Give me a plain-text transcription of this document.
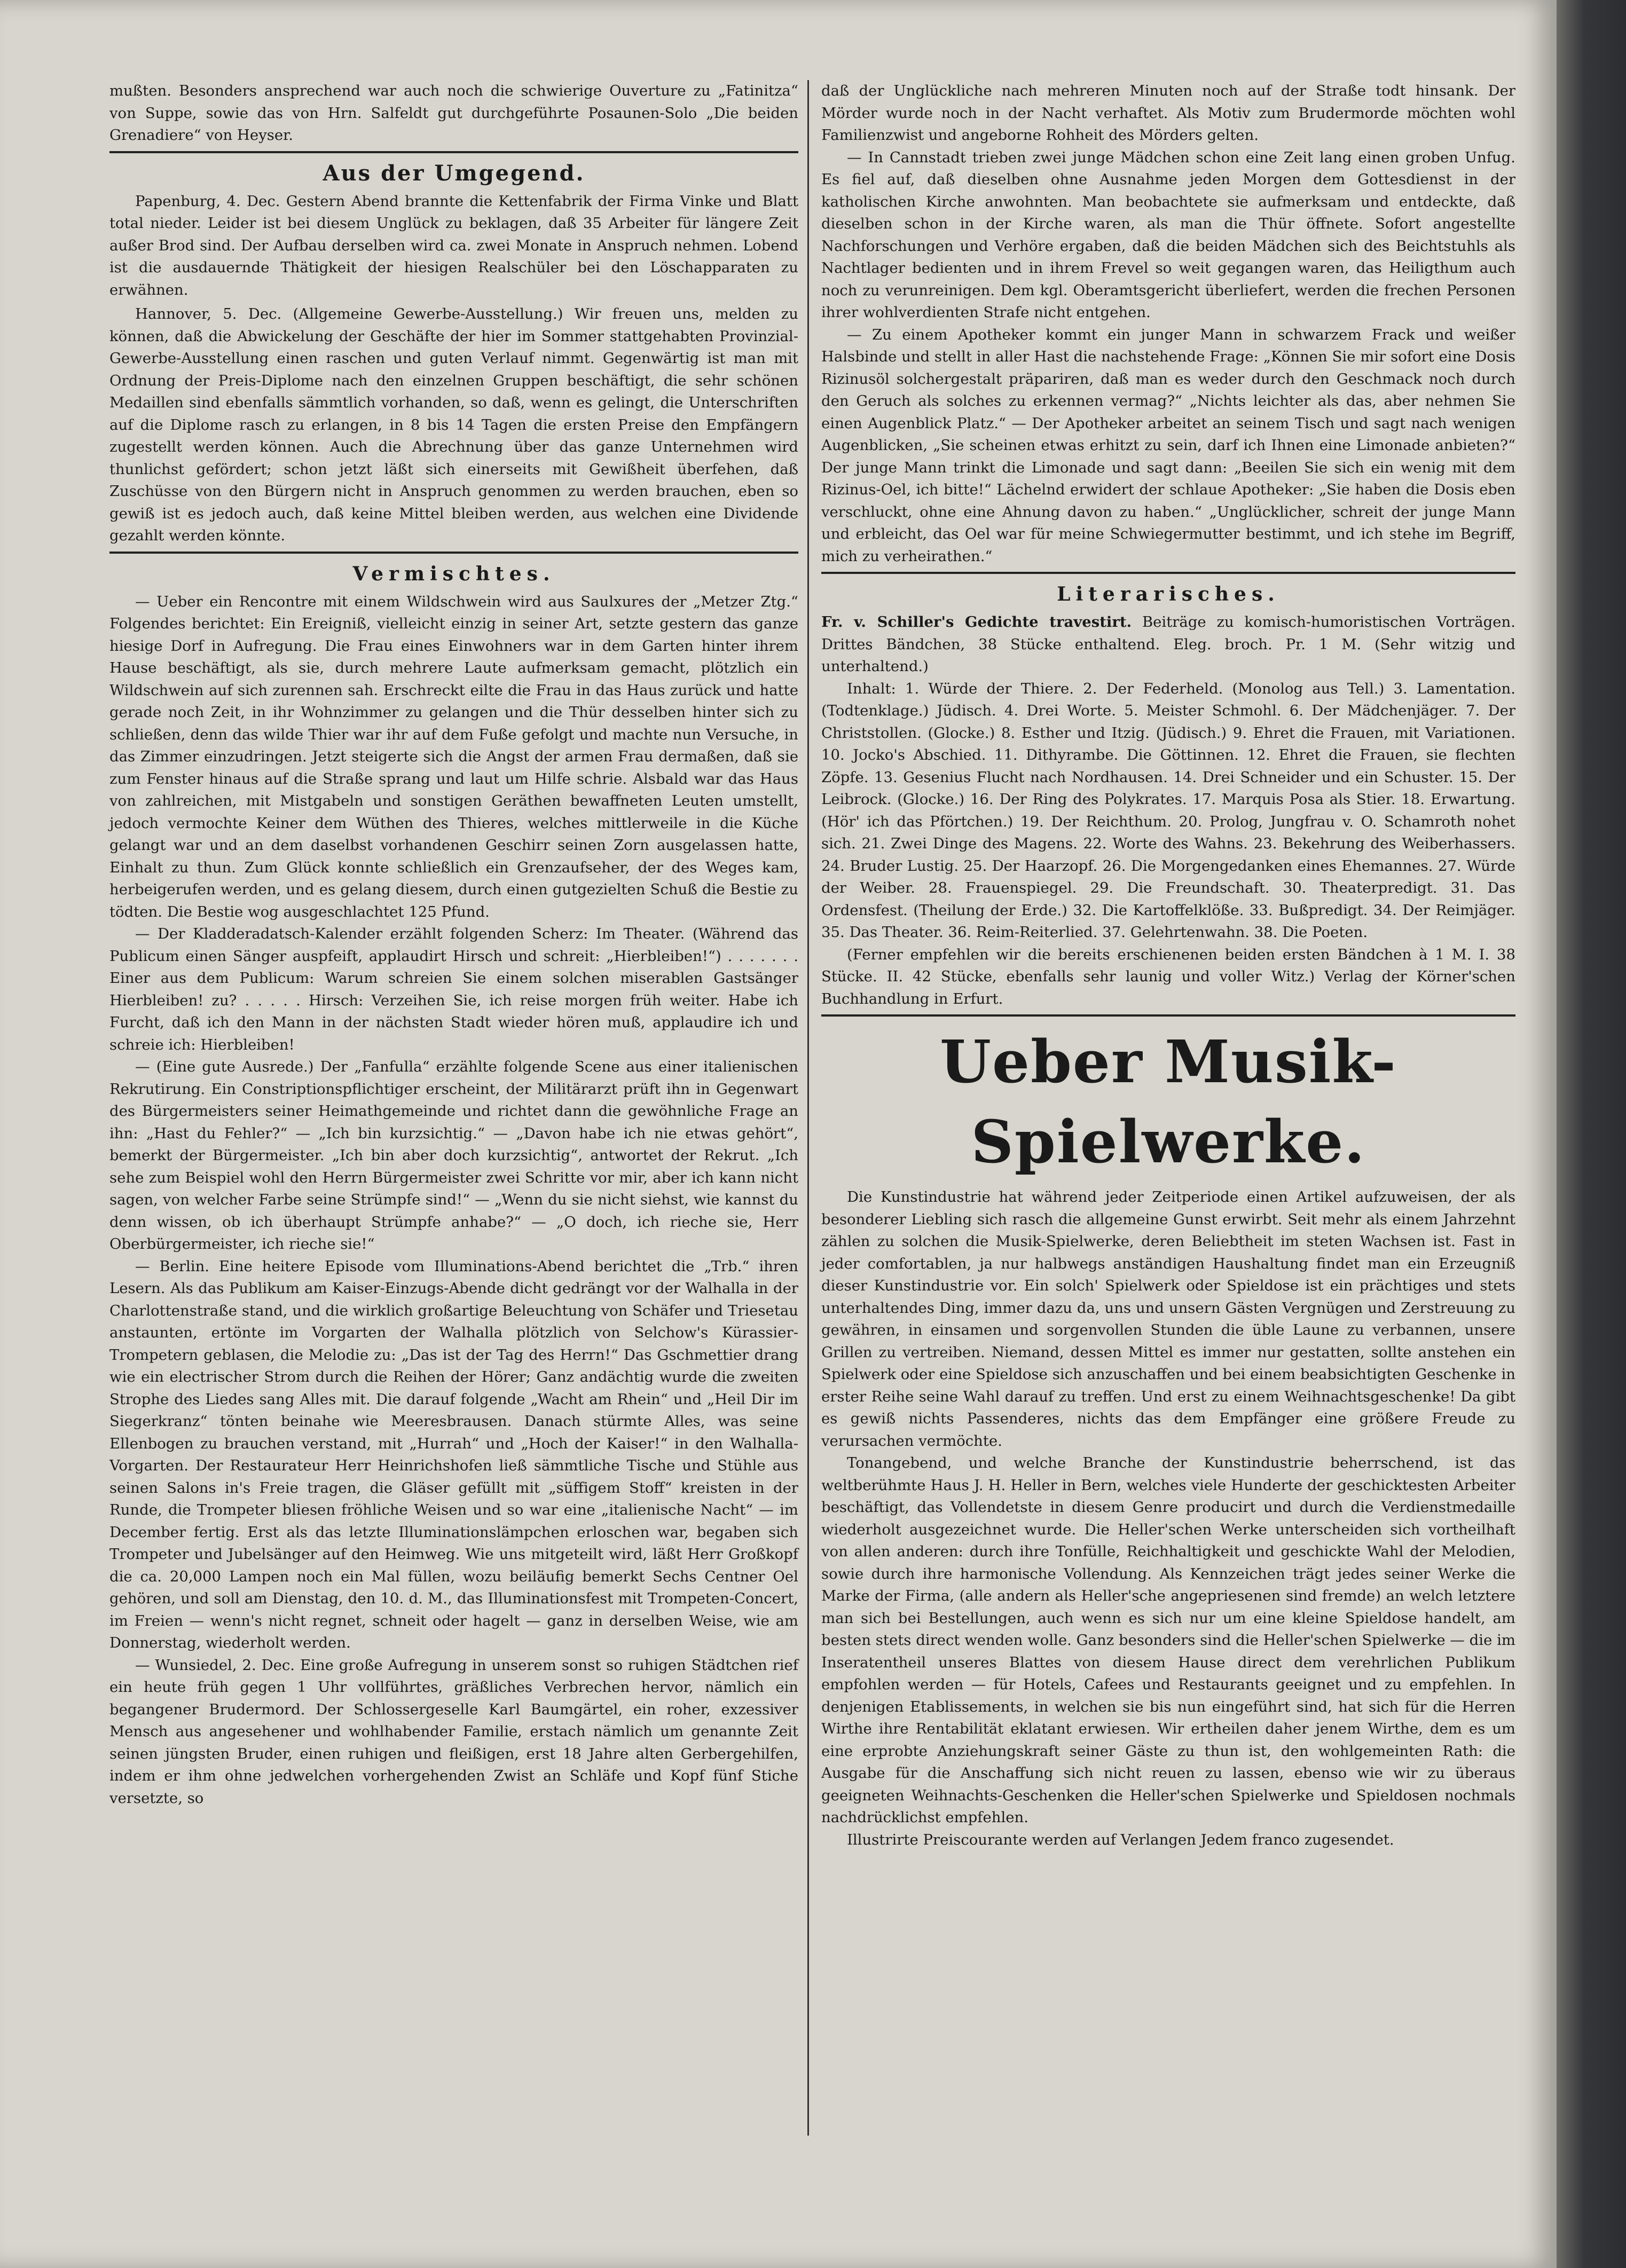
mußten. Besonders ansprechend war auch noch die schwierige Ouverture zu „Fatinitza“ von Suppe, sowie das von Hrn. Salfeldt gut durchgeführte Posaunen-Solo „Die beiden Grenadiere“ von Heyser.

Aus der Umgegend.

Papenburg, 4. Dec. Gestern Abend brannte die Kettenfabrik der Firma Vinke und Blatt total nieder. Leider ist bei diesem Unglück zu beklagen, daß 35 Arbeiter für längere Zeit außer Brod sind. Der Aufbau derselben wird ca. zwei Monate in Anspruch nehmen. Lobend ist die ausdauernde Thätigkeit der hiesigen Realschüler bei den Löschapparaten zu erwähnen.

Hannover, 5. Dec. (Allgemeine Gewerbe-Ausstellung.) Wir freuen uns, melden zu können, daß die Abwickelung der Geschäfte der hier im Sommer stattgehabten Provinzial-Gewerbe-Ausstellung einen raschen und guten Verlauf nimmt. Gegenwärtig ist man mit Ordnung der Preis-Diplome nach den einzelnen Gruppen beschäftigt, die sehr schönen Medaillen sind ebenfalls sämmtlich vorhanden, so daß, wenn es gelingt, die Unterschriften auf die Diplome rasch zu erlangen, in 8 bis 14 Tagen die ersten Preise den Empfängern zugestellt werden können. Auch die Abrechnung über das ganze Unternehmen wird thunlichst gefördert; schon jetzt läßt sich einerseits mit Gewißheit überfehen, daß Zuschüsse von den Bürgern nicht in Anspruch genommen zu werden brauchen, eben so gewiß ist es jedoch auch, daß keine Mittel bleiben werden, aus welchen eine Dividende gezahlt werden könnte.

Vermischtes.

— Ueber ein Rencontre mit einem Wildschwein wird aus Saulxures der „Metzer Ztg.“ Folgendes berichtet: Ein Ereigniß, vielleicht einzig in seiner Art, setzte gestern das ganze hiesige Dorf in Aufregung. Die Frau eines Einwohners war in dem Garten hinter ihrem Hause beschäftigt, als sie, durch mehrere Laute aufmerksam gemacht, plötzlich ein Wildschwein auf sich zurennen sah. Erschreckt eilte die Frau in das Haus zurück und hatte gerade noch Zeit, in ihr Wohnzimmer zu gelangen und die Thür desselben hinter sich zu schließen, denn das wilde Thier war ihr auf dem Fuße gefolgt und machte nun Versuche, in das Zimmer einzudringen. Jetzt steigerte sich die Angst der armen Frau dermaßen, daß sie zum Fenster hinaus auf die Straße sprang und laut um Hilfe schrie. Alsbald war das Haus von zahlreichen, mit Mistgabeln und sonstigen Geräthen bewaffneten Leuten umstellt, jedoch vermochte Keiner dem Wüthen des Thieres, welches mittlerweile in die Küche gelangt war und an dem daselbst vorhandenen Geschirr seinen Zorn ausgelassen hatte, Einhalt zu thun. Zum Glück konnte schließlich ein Grenzaufseher, der des Weges kam, herbeigerufen werden, und es gelang diesem, durch einen gutgezielten Schuß die Bestie zu tödten. Die Bestie wog ausgeschlachtet 125 Pfund.

— Der Kladderadatsch-Kalender erzählt folgenden Scherz: Im Theater. (Während das Publicum einen Sänger auspfeift, applaudirt Hirsch und schreit: „Hierbleiben!“) . . . . . . . Einer aus dem Publicum: Warum schreien Sie einem solchen miserablen Gastsänger Hierbleiben! zu? . . . . . Hirsch: Verzeihen Sie, ich reise morgen früh weiter. Habe ich Furcht, daß ich den Mann in der nächsten Stadt wieder hören muß, applaudire ich und schreie ich: Hierbleiben!

— (Eine gute Ausrede.) Der „Fanfulla“ erzählte folgende Scene aus einer italienischen Rekrutirung. Ein Constriptionspflichtiger erscheint, der Militärarzt prüft ihn in Gegenwart des Bürgermeisters seiner Heimathgemeinde und richtet dann die gewöhnliche Frage an ihn: „Hast du Fehler?“ — „Ich bin kurzsichtig.“ — „Davon habe ich nie etwas gehört“, bemerkt der Bürgermeister. „Ich bin aber doch kurzsichtig“, antwortet der Rekrut. „Ich sehe zum Beispiel wohl den Herrn Bürgermeister zwei Schritte vor mir, aber ich kann nicht sagen, von welcher Farbe seine Strümpfe sind!“ — „Wenn du sie nicht siehst, wie kannst du denn wissen, ob ich überhaupt Strümpfe anhabe?“ — „O doch, ich rieche sie, Herr Oberbürgermeister, ich rieche sie!“

— Berlin. Eine heitere Episode vom Illuminations-Abend berichtet die „Trb.“ ihren Lesern. Als das Publikum am Kaiser-Einzugs-Abende dicht gedrängt vor der Walhalla in der Charlottenstraße stand, und die wirklich großartige Beleuchtung von Schäfer und Triesetau anstaunten, ertönte im Vorgarten der Walhalla plötzlich von Selchow's Kürassier-Trompetern geblasen, die Melodie zu: „Das ist der Tag des Herrn!“ Das Gschmettier drang wie ein electrischer Strom durch die Reihen der Hörer; Ganz andächtig wurde die zweiten Strophe des Liedes sang Alles mit. Die darauf folgende „Wacht am Rhein“ und „Heil Dir im Siegerkranz“ tönten beinahe wie Meeresbrausen. Danach stürmte Alles, was seine Ellenbogen zu brauchen verstand, mit „Hurrah“ und „Hoch der Kaiser!“ in den Walhalla-Vorgarten. Der Restaurateur Herr Heinrichshofen ließ sämmtliche Tische und Stühle aus seinen Salons in's Freie tragen, die Gläser gefüllt mit „süffigem Stoff“ kreisten in der Runde, die Trompeter bliesen fröhliche Weisen und so war eine „italienische Nacht“ — im December fertig. Erst als das letzte Illuminationslämpchen erloschen war, begaben sich Trompeter und Jubelsänger auf den Heimweg. Wie uns mitgeteilt wird, läßt Herr Großkopf die ca. 20,000 Lampen noch ein Mal füllen, wozu beiläufig bemerkt Sechs Centner Oel gehören, und soll am Dienstag, den 10. d. M., das Illuminationsfest mit Trompeten-Concert, im Freien — wenn's nicht regnet, schneit oder hagelt — ganz in derselben Weise, wie am Donnerstag, wiederholt werden.

— Wunsiedel, 2. Dec. Eine große Aufregung in unserem sonst so ruhigen Städtchen rief ein heute früh gegen 1 Uhr vollführtes, gräßliches Verbrechen hervor, nämlich ein begangener Brudermord. Der Schlossergeselle Karl Baumgärtel, ein roher, exzessiver Mensch aus angesehener und wohlhabender Familie, erstach nämlich um genannte Zeit seinen jüngsten Bruder, einen ruhigen und fleißigen, erst 18 Jahre alten Gerbergehilfen, indem er ihm ohne jedwelchen vorhergehenden Zwist an Schläfe und Kopf fünf Stiche versetzte, so

daß der Unglückliche nach mehreren Minuten noch auf der Straße todt hinsank. Der Mörder wurde noch in der Nacht verhaftet. Als Motiv zum Brudermorde möchten wohl Familienzwist und angeborne Rohheit des Mörders gelten.

— In Cannstadt trieben zwei junge Mädchen schon eine Zeit lang einen groben Unfug. Es fiel auf, daß dieselben ohne Ausnahme jeden Morgen dem Gottesdienst in der katholischen Kirche anwohnten. Man beobachtete sie aufmerksam und entdeckte, daß dieselben schon in der Kirche waren, als man die Thür öffnete. Sofort angestellte Nachforschungen und Verhöre ergaben, daß die beiden Mädchen sich des Beichtstuhls als Nachtlager bedienten und in ihrem Frevel so weit gegangen waren, das Heiligthum auch noch zu verunreinigen. Dem kgl. Oberamtsgericht überliefert, werden die frechen Personen ihrer wohlverdienten Strafe nicht entgehen.

— Zu einem Apotheker kommt ein junger Mann in schwarzem Frack und weißer Halsbinde und stellt in aller Hast die nachstehende Frage: „Können Sie mir sofort eine Dosis Rizinusöl solchergestalt präpariren, daß man es weder durch den Geschmack noch durch den Geruch als solches zu erkennen vermag?“ „Nichts leichter als das, aber nehmen Sie einen Augenblick Platz.“ — Der Apotheker arbeitet an seinem Tisch und sagt nach wenigen Augenblicken, „Sie scheinen etwas erhitzt zu sein, darf ich Ihnen eine Limonade anbieten?“ Der junge Mann trinkt die Limonade und sagt dann: „Beeilen Sie sich ein wenig mit dem Rizinus-Oel, ich bitte!“ Lächelnd erwidert der schlaue Apotheker: „Sie haben die Dosis eben verschluckt, ohne eine Ahnung davon zu haben.“ „Unglücklicher, schreit der junge Mann und erbleicht, das Oel war für meine Schwiegermutter bestimmt, und ich stehe im Begriff, mich zu verheirathen.“

Literarisches.

Fr. v. Schiller's Gedichte travestirt. Beiträge zu komisch-humoristischen Vorträgen. Drittes Bändchen, 38 Stücke enthaltend. Eleg. broch. Pr. 1 M. (Sehr witzig und unterhaltend.)

Inhalt: 1. Würde der Thiere. 2. Der Federheld. (Monolog aus Tell.) 3. Lamentation. (Todtenklage.) Jüdisch. 4. Drei Worte. 5. Meister Schmohl. 6. Der Mädchenjäger. 7. Der Christstollen. (Glocke.) 8. Esther und Itzig. (Jüdisch.) 9. Ehret die Frauen, mit Variationen. 10. Jocko's Abschied. 11. Dithyrambe. Die Göttinnen. 12. Ehret die Frauen, sie flechten Zöpfe. 13. Gesenius Flucht nach Nordhausen. 14. Drei Schneider und ein Schuster. 15. Der Leibrock. (Glocke.) 16. Der Ring des Polykrates. 17. Marquis Posa als Stier. 18. Erwartung. (Hör' ich das Pförtchen.) 19. Der Reichthum. 20. Prolog, Jungfrau v. O. Schamroth nohet sich. 21. Zwei Dinge des Magens. 22. Worte des Wahns. 23. Bekehrung des Weiberhassers. 24. Bruder Lustig. 25. Der Haarzopf. 26. Die Morgengedanken eines Ehemannes. 27. Würde der Weiber. 28. Frauenspiegel. 29. Die Freundschaft. 30. Theaterpredigt. 31. Das Ordensfest. (Theilung der Erde.) 32. Die Kartoffelklöße. 33. Bußpredigt. 34. Der Reimjäger. 35. Das Theater. 36. Reim-Reiterlied. 37. Gelehrtenwahn. 38. Die Poeten.

(Ferner empfehlen wir die bereits erschienenen beiden ersten Bändchen à 1 M. I. 38 Stücke. II. 42 Stücke, ebenfalls sehr launig und voller Witz.) Verlag der Körner'schen Buchhandlung in Erfurt.

Ueber Musik-Spielwerke.

Die Kunstindustrie hat während jeder Zeitperiode einen Artikel aufzuweisen, der als besonderer Liebling sich rasch die allgemeine Gunst erwirbt. Seit mehr als einem Jahrzehnt zählen zu solchen die Musik-Spielwerke, deren Beliebtheit im steten Wachsen ist. Fast in jeder comfortablen, ja nur halbwegs anständigen Haushaltung findet man ein Erzeugniß dieser Kunstindustrie vor. Ein solch' Spielwerk oder Spieldose ist ein prächtiges und stets unterhaltendes Ding, immer dazu da, uns und unsern Gästen Vergnügen und Zerstreuung zu gewähren, in einsamen und sorgenvollen Stunden die üble Laune zu verbannen, unsere Grillen zu vertreiben. Niemand, dessen Mittel es immer nur gestatten, sollte anstehen ein Spielwerk oder eine Spieldose sich anzuschaffen und bei einem beabsichtigten Geschenke in erster Reihe seine Wahl darauf zu treffen. Und erst zu einem Weihnachtsgeschenke! Da gibt es gewiß nichts Passenderes, nichts das dem Empfänger eine größere Freude zu verursachen vermöchte.

Tonangebend, und welche Branche der Kunstindustrie beherrschend, ist das weltberühmte Haus J. H. Heller in Bern, welches viele Hunderte der geschicktesten Arbeiter beschäftigt, das Vollendetste in diesem Genre producirt und durch die Verdienstmedaille wiederholt ausgezeichnet wurde. Die Heller'schen Werke unterscheiden sich vortheilhaft von allen anderen: durch ihre Tonfülle, Reichhaltigkeit und geschickte Wahl der Melodien, sowie durch ihre harmonische Vollendung. Als Kennzeichen trägt jedes seiner Werke die Marke der Firma, (alle andern als Heller'sche angepriesenen sind fremde) an welch letztere man sich bei Bestellungen, auch wenn es sich nur um eine kleine Spieldose handelt, am besten stets direct wenden wolle. Ganz besonders sind die Heller'schen Spielwerke — die im Inseratentheil unseres Blattes von diesem Hause direct dem verehrlichen Publikum empfohlen werden — für Hotels, Cafees und Restaurants geeignet und zu empfehlen. In denjenigen Etablissements, in welchen sie bis nun eingeführt sind, hat sich für die Herren Wirthe ihre Rentabilität eklatant erwiesen. Wir ertheilen daher jenem Wirthe, dem es um eine erprobte Anziehungskraft seiner Gäste zu thun ist, den wohlgemeinten Rath: die Ausgabe für die Anschaffung sich nicht reuen zu lassen, ebenso wie wir zu überaus geeigneten Weihnachts-Geschenken die Heller'schen Spielwerke und Spieldosen nochmals nachdrücklichst empfehlen.

Illustrirte Preiscourante werden auf Verlangen Jedem franco zugesendet.
